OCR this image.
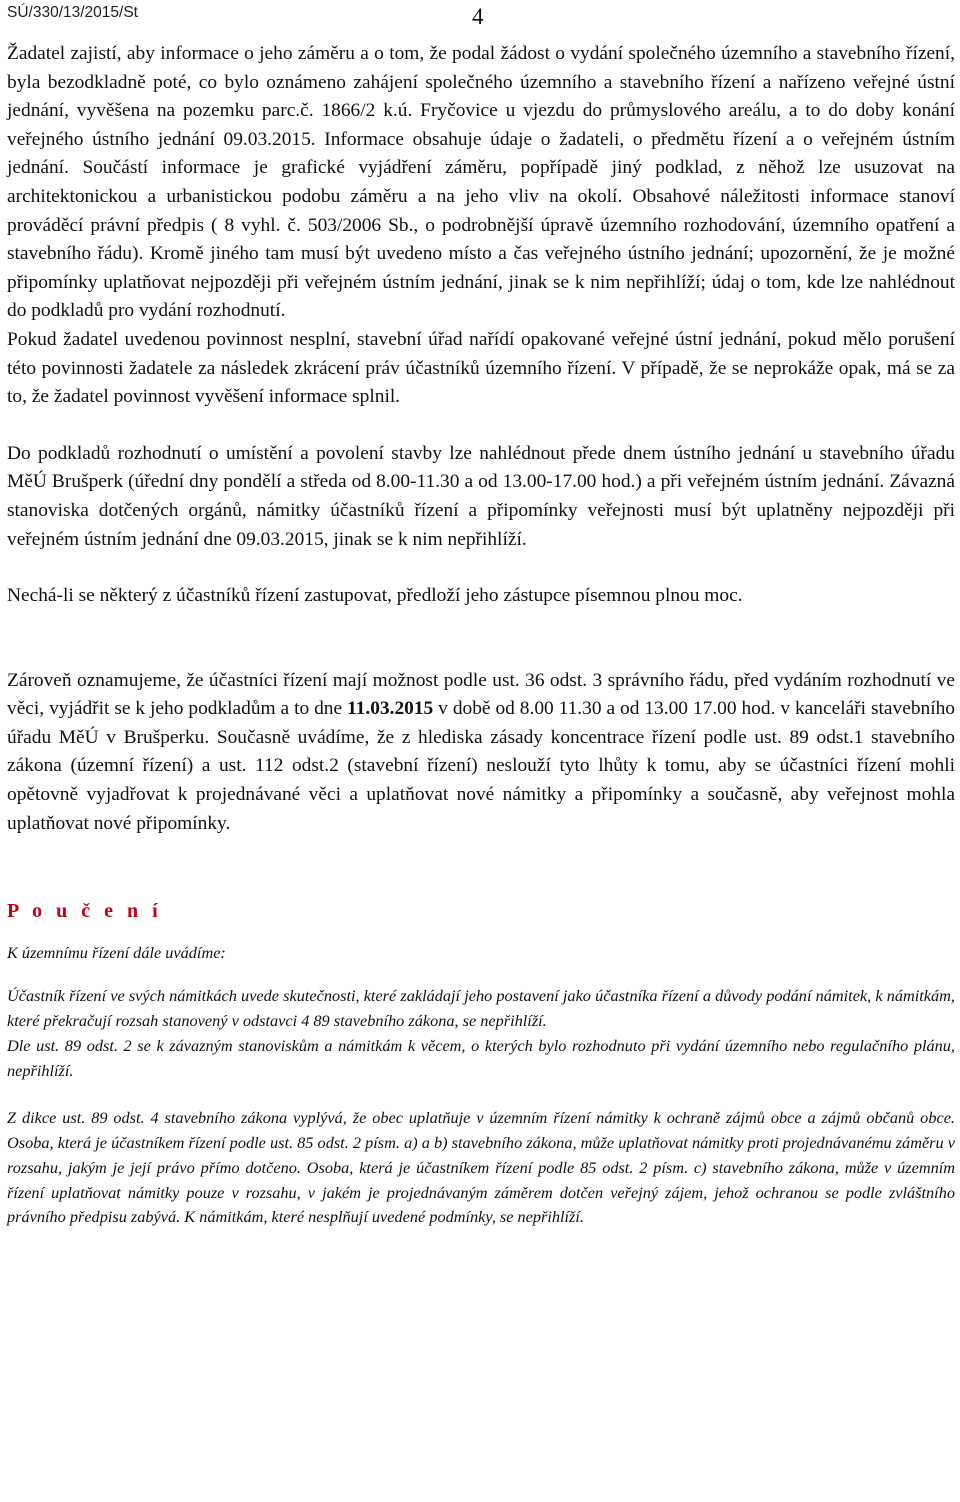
SÚ/330/13/2015/St	4

Žadatel zajistí, aby informace o jeho záměru a o tom, že podal žádost o vydání společného územního a stavebního řízení, byla bezodkladně poté, co bylo oznámeno zahájení společného územního a stavebního řízení a nařízeno veřejné ústní jednání, vyvěšena na pozemku parc.č. 1866/2 k.ú. Fryčovice u vjezdu do průmyslového areálu, a to do doby konání veřejného ústního jednání 09.03.2015. Informace obsahuje údaje o žadateli, o předmětu řízení a o veřejném ústním jednání. Součástí informace je grafické vyjádření záměru, popřípadě jiný podklad, z něhož lze usuzovat na architektonickou a urbanistickou podobu záměru a na jeho vliv na okolí. Obsahové náležitosti informace stanoví prováděcí právní předpis ( 8 vyhl. č. 503/2006 Sb., o podrobnější úpravě územního rozhodování, územního opatření a stavebního řádu). Kromě jiného tam musí být uvedeno místo a čas veřejného ústního jednání; upozornění, že je možné připomínky uplatňovat nejpozději při veřejném ústním jednání, jinak se k nim nepřihlíží; údaj o tom, kde lze nahlédnout do podkladů pro vydání rozhodnutí.

Pokud žadatel uvedenou povinnost nesplní, stavební úřad nařídí opakované veřejné ústní jednání, pokud mělo porušení této povinnosti žadatele za následek zkrácení práv účastníků územního řízení. V případě, že se neprokáže opak, má se za to, že žadatel povinnost vyvěšení informace splnil.

Do podkladů rozhodnutí o umístění a povolení stavby lze nahlédnout přede dnem ústního jednání u stavebního úřadu MěÚ Brušperk (úřední dny pondělí a středa od 8.00-11.30 a od 13.00-17.00 hod.) a při veřejném ústním jednání. Závazná stanoviska dotčených orgánů, námitky účastníků řízení a připomínky veřejnosti musí být uplatněny nejpozději při veřejném ústním jednání dne 09.03.2015, jinak se k nim nepřihlíží.

Nechá-li se některý z účastníků řízení zastupovat, předloží jeho zástupce písemnou plnou moc.

Zároveň oznamujeme, že účastníci řízení mají možnost podle ust. 36 odst. 3 správního řádu, před vydáním rozhodnutí ve věci, vyjádřit se k jeho podkladům a to dne 11.03.2015 v době od 8.00 11.30 a od 13.00 17.00 hod. v kanceláři stavebního úřadu MěÚ v Brušperku. Současně uvádíme, že z hlediska zásady koncentrace řízení podle ust. 89 odst.1 stavebního zákona (územní řízení) a ust. 112 odst.2 (stavební řízení) neslouží tyto lhůty k tomu, aby se účastníci řízení mohli opětovně vyjadřovat k projednávané věci a uplatňovat nové námitky a připomínky a současně, aby veřejnost mohla uplatňovat nové připomínky.

P o u č e n í

K územnímu řízení dále uvádíme:

Účastník řízení ve svých námitkách uvede skutečnosti, které zakládají jeho postavení jako účastníka řízení a důvody podání námitek, k námitkám, které překračují rozsah stanovený v odstavci 4 89 stavebního zákona, se nepřihlíží.

Dle ust. 89 odst. 2 se k závazným stanoviskům a námitkám k věcem, o kterých bylo rozhodnuto při vydání územního nebo regulačního plánu, nepřihlíží.

Z dikce ust. 89 odst. 4 stavebního zákona vyplývá, že obec uplatňuje v územním řízení námitky k ochraně zájmů obce a zájmů občanů obce. Osoba, která je účastníkem řízení podle ust. 85 odst. 2 písm. a) a b) stavebního zákona, může uplatňovat námitky proti projednávanému záměru v rozsahu, jakým je její právo přímo dotčeno. Osoba, která je účastníkem řízení podle 85 odst. 2 písm. c) stavebního zákona, může v územním řízení uplatňovat námitky pouze v rozsahu, v jakém je projednávaným záměrem dotčen veřejný zájem, jehož ochranou se podle zvláštního právního předpisu zabývá. K námitkám, které nesplňují uvedené podmínky, se nepřihlíží.
